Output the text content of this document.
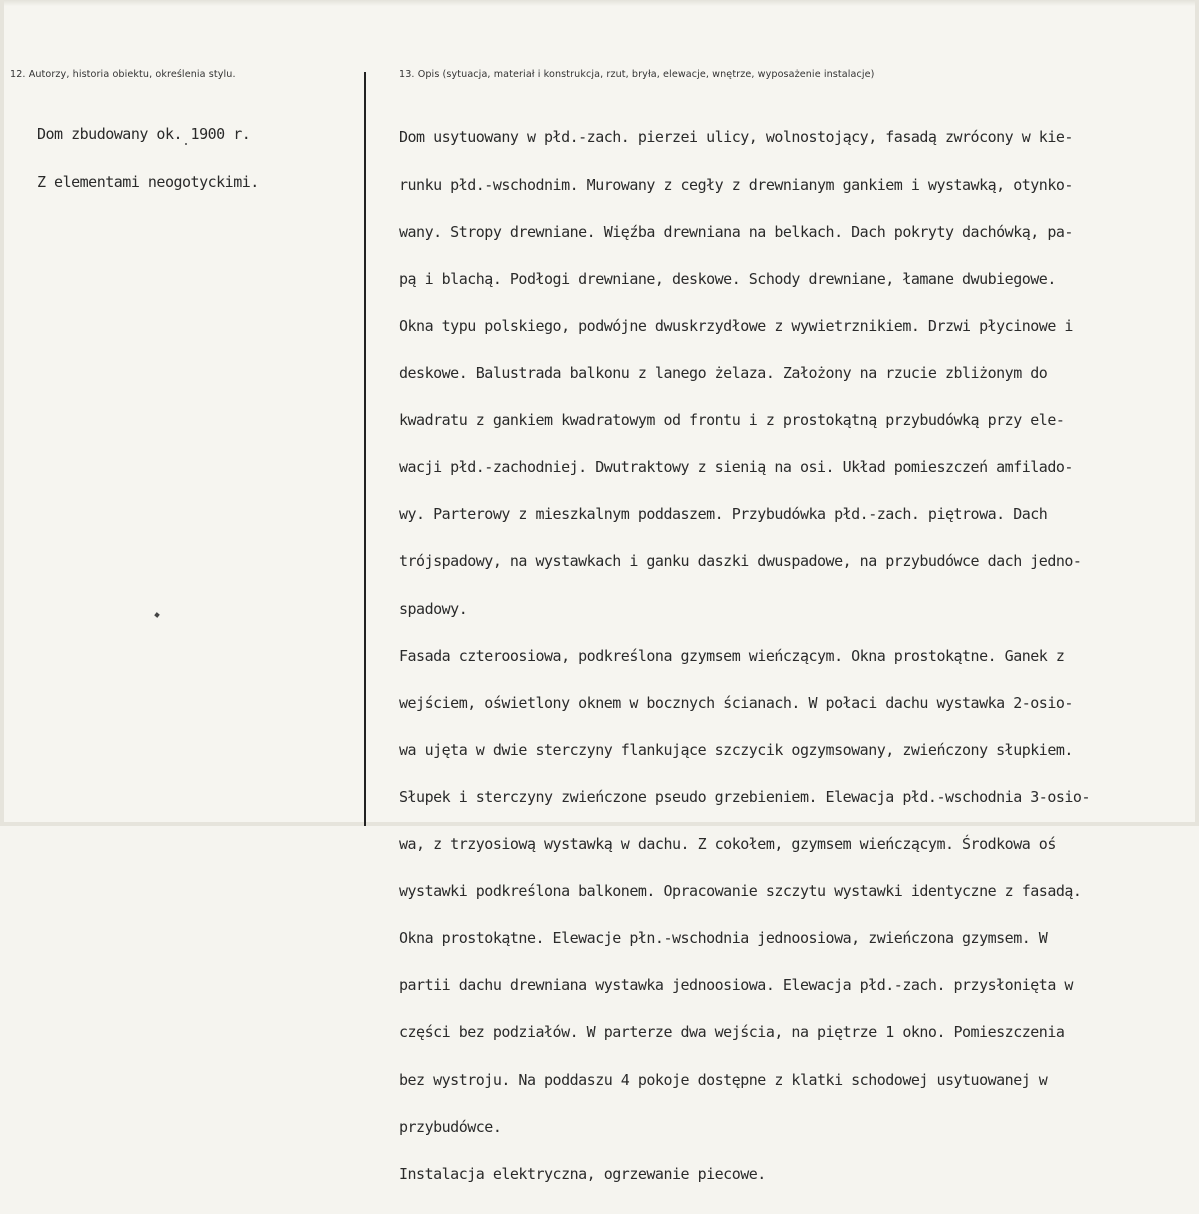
12. Autorzy, historia obiektu, określenia stylu.	13. Opis (sytuacja, materiał i konstrukcja, rzut, bryła, elewacje, wnętrze, wyposażenie instalacje)

Dom zbudowany ok. 1900 r.

Z elementami neogotyckimi.

Dom usytuowany w płd.-zach. pierzei ulicy, wolnostojący, fasadą zwrócony w kie-

runku płd.-wschodnim. Murowany z cegły z drewnianym gankiem i wystawką, otynko-

wany. Stropy drewniane. Więźba drewniana na belkach. Dach pokryty dachówką, pa-

pą i blachą. Podłogi drewniane, deskowe. Schody drewniane, łamane dwubiegowe.

Okna typu polskiego, podwójne dwuskrzydłowe z wywietrznikiem. Drzwi płycinowe i

deskowe. Balustrada balkonu z lanego żelaza. Założony na rzucie zbliżonym do

kwadratu z gankiem kwadratowym od frontu i z prostokątną przybudówką przy ele-

wacji płd.-zachodniej. Dwutraktowy z sienią na osi. Układ pomieszczeń amfilado-

wy. Parterowy z mieszkalnym poddaszem. Przybudówka płd.-zach. piętrowa. Dach

trójspadowy, na wystawkach i ganku daszki dwuspadowe, na przybudówce dach jedno-

spadowy.

Fasada czteroosiowa, podkreślona gzymsem wieńczącym. Okna prostokątne. Ganek z

wejściem, oświetlony oknem w bocznych ścianach. W połaci dachu wystawka 2-osio-

wa ujęta w dwie sterczyny flankujące szczycik ogzymsowany, zwieńczony słupkiem.

Słupek i sterczyny zwieńczone pseudo grzebieniem. Elewacja płd.-wschodnia 3-osio-

wa, z trzyosiową wystawką w dachu. Z cokołem, gzymsem wieńczącym. Środkowa oś

wystawki podkreślona balkonem. Opracowanie szczytu wystawki identyczne z fasadą.

Okna prostokątne. Elewacje płn.-wschodnia jednoosiowa, zwieńczona gzymsem. W

partii dachu drewniana wystawka jednoosiowa. Elewacja płd.-zach. przysłonięta w

części bez podziałów. W parterze dwa wejścia, na piętrze 1 okno. Pomieszczenia

bez wystroju. Na poddaszu 4 pokoje dostępne z klatki schodowej usytuowanej w

przybudówce.

Instalacja elektryczna, ogrzewanie piecowe.
